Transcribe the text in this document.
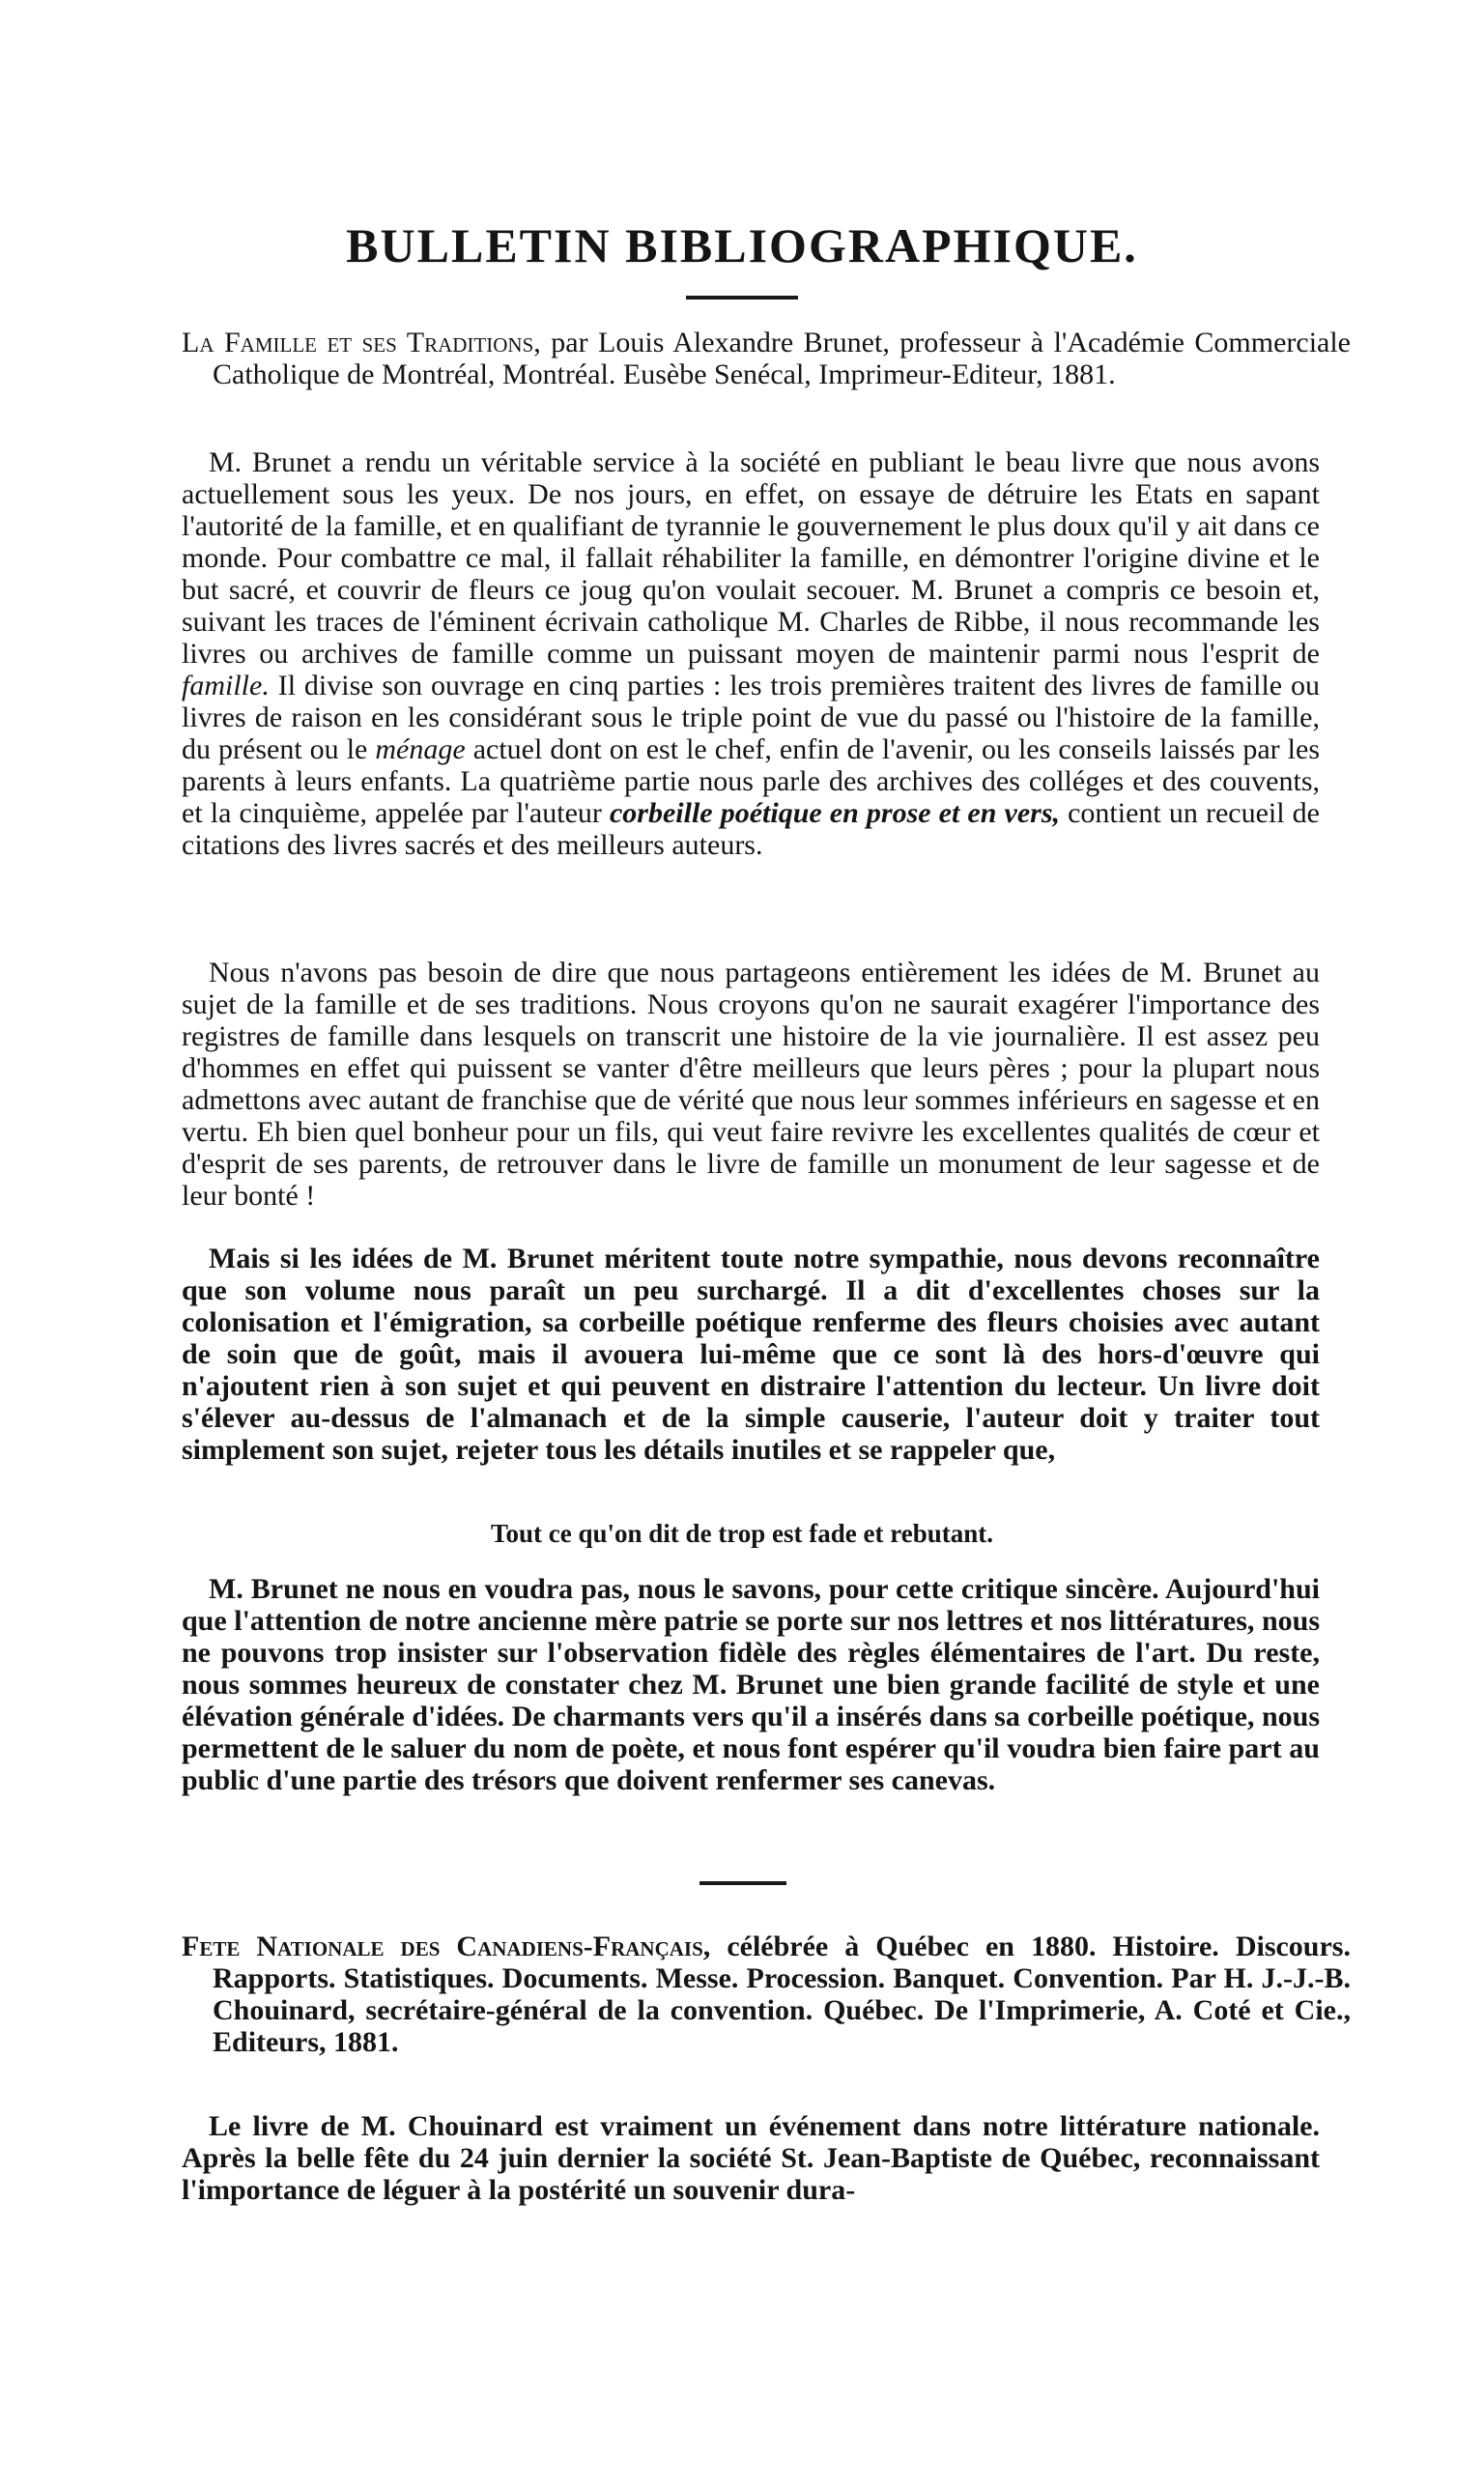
BULLETIN BIBLIOGRAPHIQUE.

La Famille et ses Traditions, par Louis Alexandre Brunet, professeur à l'Académie Commerciale Catholique de Montréal, Montréal. Eusèbe Senécal, Imprimeur-Editeur, 1881.

M. Brunet a rendu un véritable service à la société en publiant le beau livre que nous avons actuellement sous les yeux. De nos jours, en effet, on essaye de détruire les Etats en sapant l'autorité de la famille, et en qualifiant de tyrannie le gouvernement le plus doux qu'il y ait dans ce monde. Pour combattre ce mal, il fallait réhabiliter la famille, en démontrer l'origine divine et le but sacré, et couvrir de fleurs ce joug qu'on voulait secouer. M. Brunet a compris ce besoin et, suivant les traces de l'éminent écrivain catholique M. Charles de Ribbe, il nous recommande les livres ou archives de famille comme un puissant moyen de maintenir parmi nous l'esprit de famille. Il divise son ouvrage en cinq parties : les trois premières traitent des livres de famille ou livres de raison en les considérant sous le triple point de vue du passé ou l'histoire de la famille, du présent ou le ménage actuel dont on est le chef, enfin de l'avenir, ou les conseils laissés par les parents à leurs enfants. La quatrième partie nous parle des archives des colléges et des couvents, et la cinquième, appelée par l'auteur corbeille poétique en prose et en vers, contient un recueil de citations des livres sacrés et des meilleurs auteurs.

Nous n'avons pas besoin de dire que nous partageons entièrement les idées de M. Brunet au sujet de la famille et de ses traditions. Nous croyons qu'on ne saurait exagérer l'importance des registres de famille dans lesquels on transcrit une histoire de la vie journalière. Il est assez peu d'hommes en effet qui puissent se vanter d'être meilleurs que leurs pères ; pour la plupart nous admettons avec autant de franchise que de vérité que nous leur sommes inférieurs en sagesse et en vertu. Eh bien quel bonheur pour un fils, qui veut faire revivre les excellentes qualités de cœur et d'esprit de ses parents, de retrouver dans le livre de famille un monument de leur sagesse et de leur bonté !

Mais si les idées de M. Brunet méritent toute notre sympathie, nous devons reconnaître que son volume nous paraît un peu surchargé. Il a dit d'excellentes choses sur la colonisation et l'émigration, sa corbeille poétique renferme des fleurs choisies avec autant de soin que de goût, mais il avouera lui-même que ce sont là des hors-d'œuvre qui n'ajoutent rien à son sujet et qui peuvent en distraire l'attention du lecteur. Un livre doit s'élever au-dessus de l'almanach et de la simple causerie, l'auteur doit y traiter tout simplement son sujet, rejeter tous les détails inutiles et se rappeler que,

Tout ce qu'on dit de trop est fade et rebutant.

M. Brunet ne nous en voudra pas, nous le savons, pour cette critique sincère. Aujourd'hui que l'attention de notre ancienne mère patrie se porte sur nos lettres et nos littératures, nous ne pouvons trop insister sur l'observation fidèle des règles élémentaires de l'art. Du reste, nous sommes heureux de constater chez M. Brunet une bien grande facilité de style et une élévation générale d'idées. De charmants vers qu'il a insérés dans sa corbeille poétique, nous permettent de le saluer du nom de poète, et nous font espérer qu'il voudra bien faire part au public d'une partie des trésors que doivent renfermer ses canevas.

Fete Nationale des Canadiens-Français, célébrée à Québec en 1880. Histoire. Discours. Rapports. Statistiques. Documents. Messe. Procession. Banquet. Convention. Par H. J.-J.-B. Chouinard, secrétaire-général de la convention. Québec. De l'Imprimerie, A. Coté et Cie., Editeurs, 1881.

Le livre de M. Chouinard est vraiment un événement dans notre littérature nationale. Après la belle fête du 24 juin dernier la société St. Jean-Baptiste de Québec, reconnaissant l'importance de léguer à la postérité un souvenir dura-
